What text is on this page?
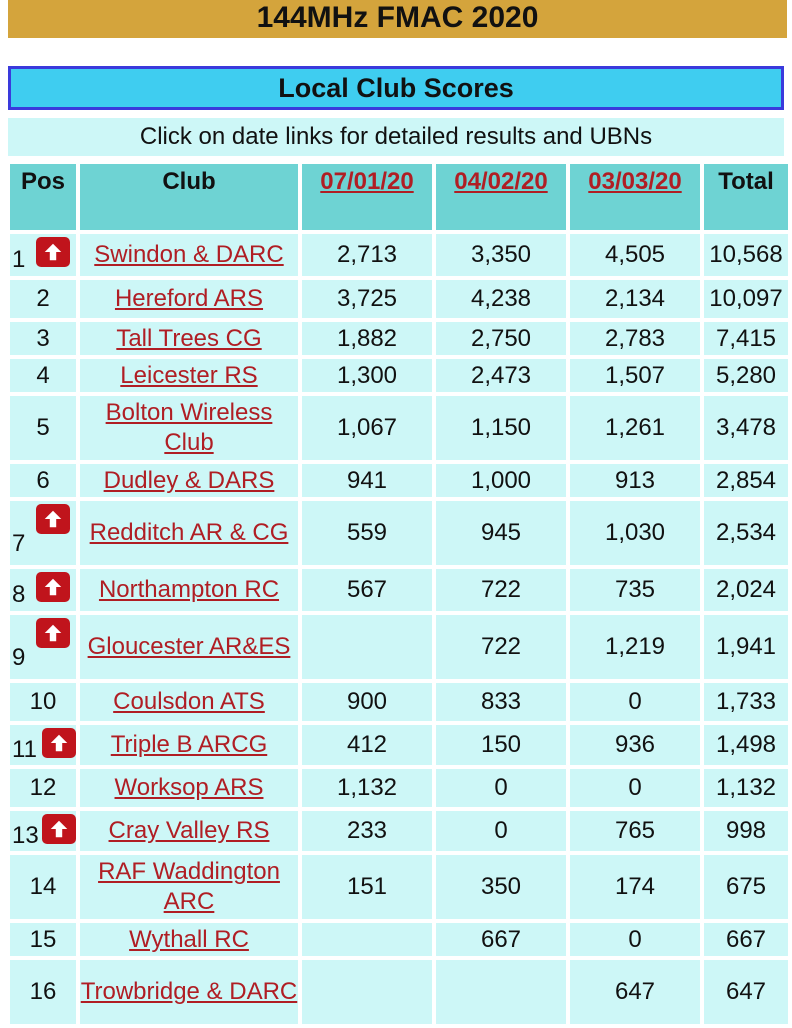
144MHz FMAC 2020
Local Club Scores
Click on date links for detailed results and UBNs
Pos	Club	07/01/20	04/02/20	03/03/20	Total
1	Swindon & DARC	2,713	3,350	4,505	10,568
2	Hereford ARS	3,725	4,238	2,134	10,097
3	Tall Trees CG	1,882	2,750	2,783	7,415
4	Leicester RS	1,300	2,473	1,507	5,280
5	Bolton Wireless Club	1,067	1,150	1,261	3,478
6	Dudley & DARS	941	1,000	913	2,854
7	Redditch AR & CG	559	945	1,030	2,534
8	Northampton RC	567	722	735	2,024
9	Gloucester AR&ES		722	1,219	1,941
10	Coulsdon ATS	900	833	0	1,733
11	Triple B ARCG	412	150	936	1,498
12	Worksop ARS	1,132	0	0	1,132
13	Cray Valley RS	233	0	765	998
14	RAF Waddington ARC	151	350	174	675
15	Wythall RC		667	0	667
16	Trowbridge & DARC			647	647
